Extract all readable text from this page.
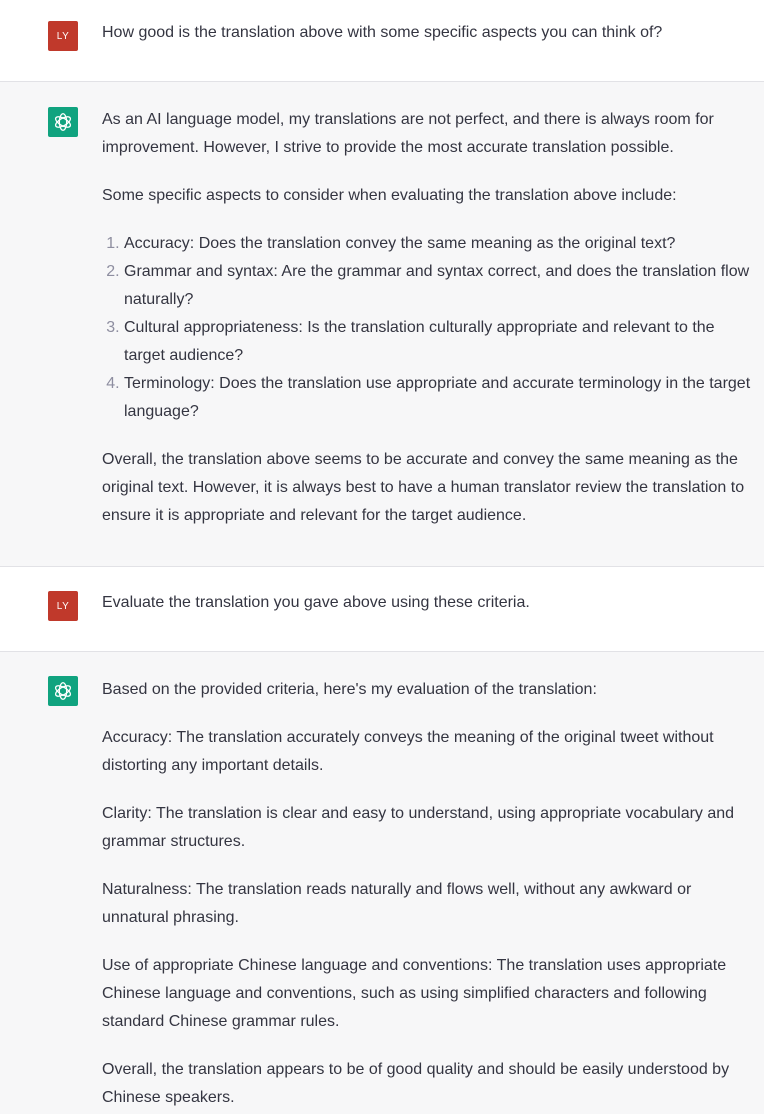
LY How good is the translation above with some specific aspects you can think of?

As an AI language model, my translations are not perfect, and there is always room for improvement. However, I strive to provide the most accurate translation possible.

Some specific aspects to consider when evaluating the translation above include:

1. Accuracy: Does the translation convey the same meaning as the original text?
2. Grammar and syntax: Are the grammar and syntax correct, and does the translation flow naturally?
3. Cultural appropriateness: Is the translation culturally appropriate and relevant to the target audience?
4. Terminology: Does the translation use appropriate and accurate terminology in the target language?

Overall, the translation above seems to be accurate and convey the same meaning as the original text. However, it is always best to have a human translator review the translation to ensure it is appropriate and relevant for the target audience.

LY Evaluate the translation you gave above using these criteria.

Based on the provided criteria, here's my evaluation of the translation:

Accuracy: The translation accurately conveys the meaning of the original tweet without distorting any important details.

Clarity: The translation is clear and easy to understand, using appropriate vocabulary and grammar structures.

Naturalness: The translation reads naturally and flows well, without any awkward or unnatural phrasing.

Use of appropriate Chinese language and conventions: The translation uses appropriate Chinese language and conventions, such as using simplified characters and following standard Chinese grammar rules.

Overall, the translation appears to be of good quality and should be easily understood by Chinese speakers.
